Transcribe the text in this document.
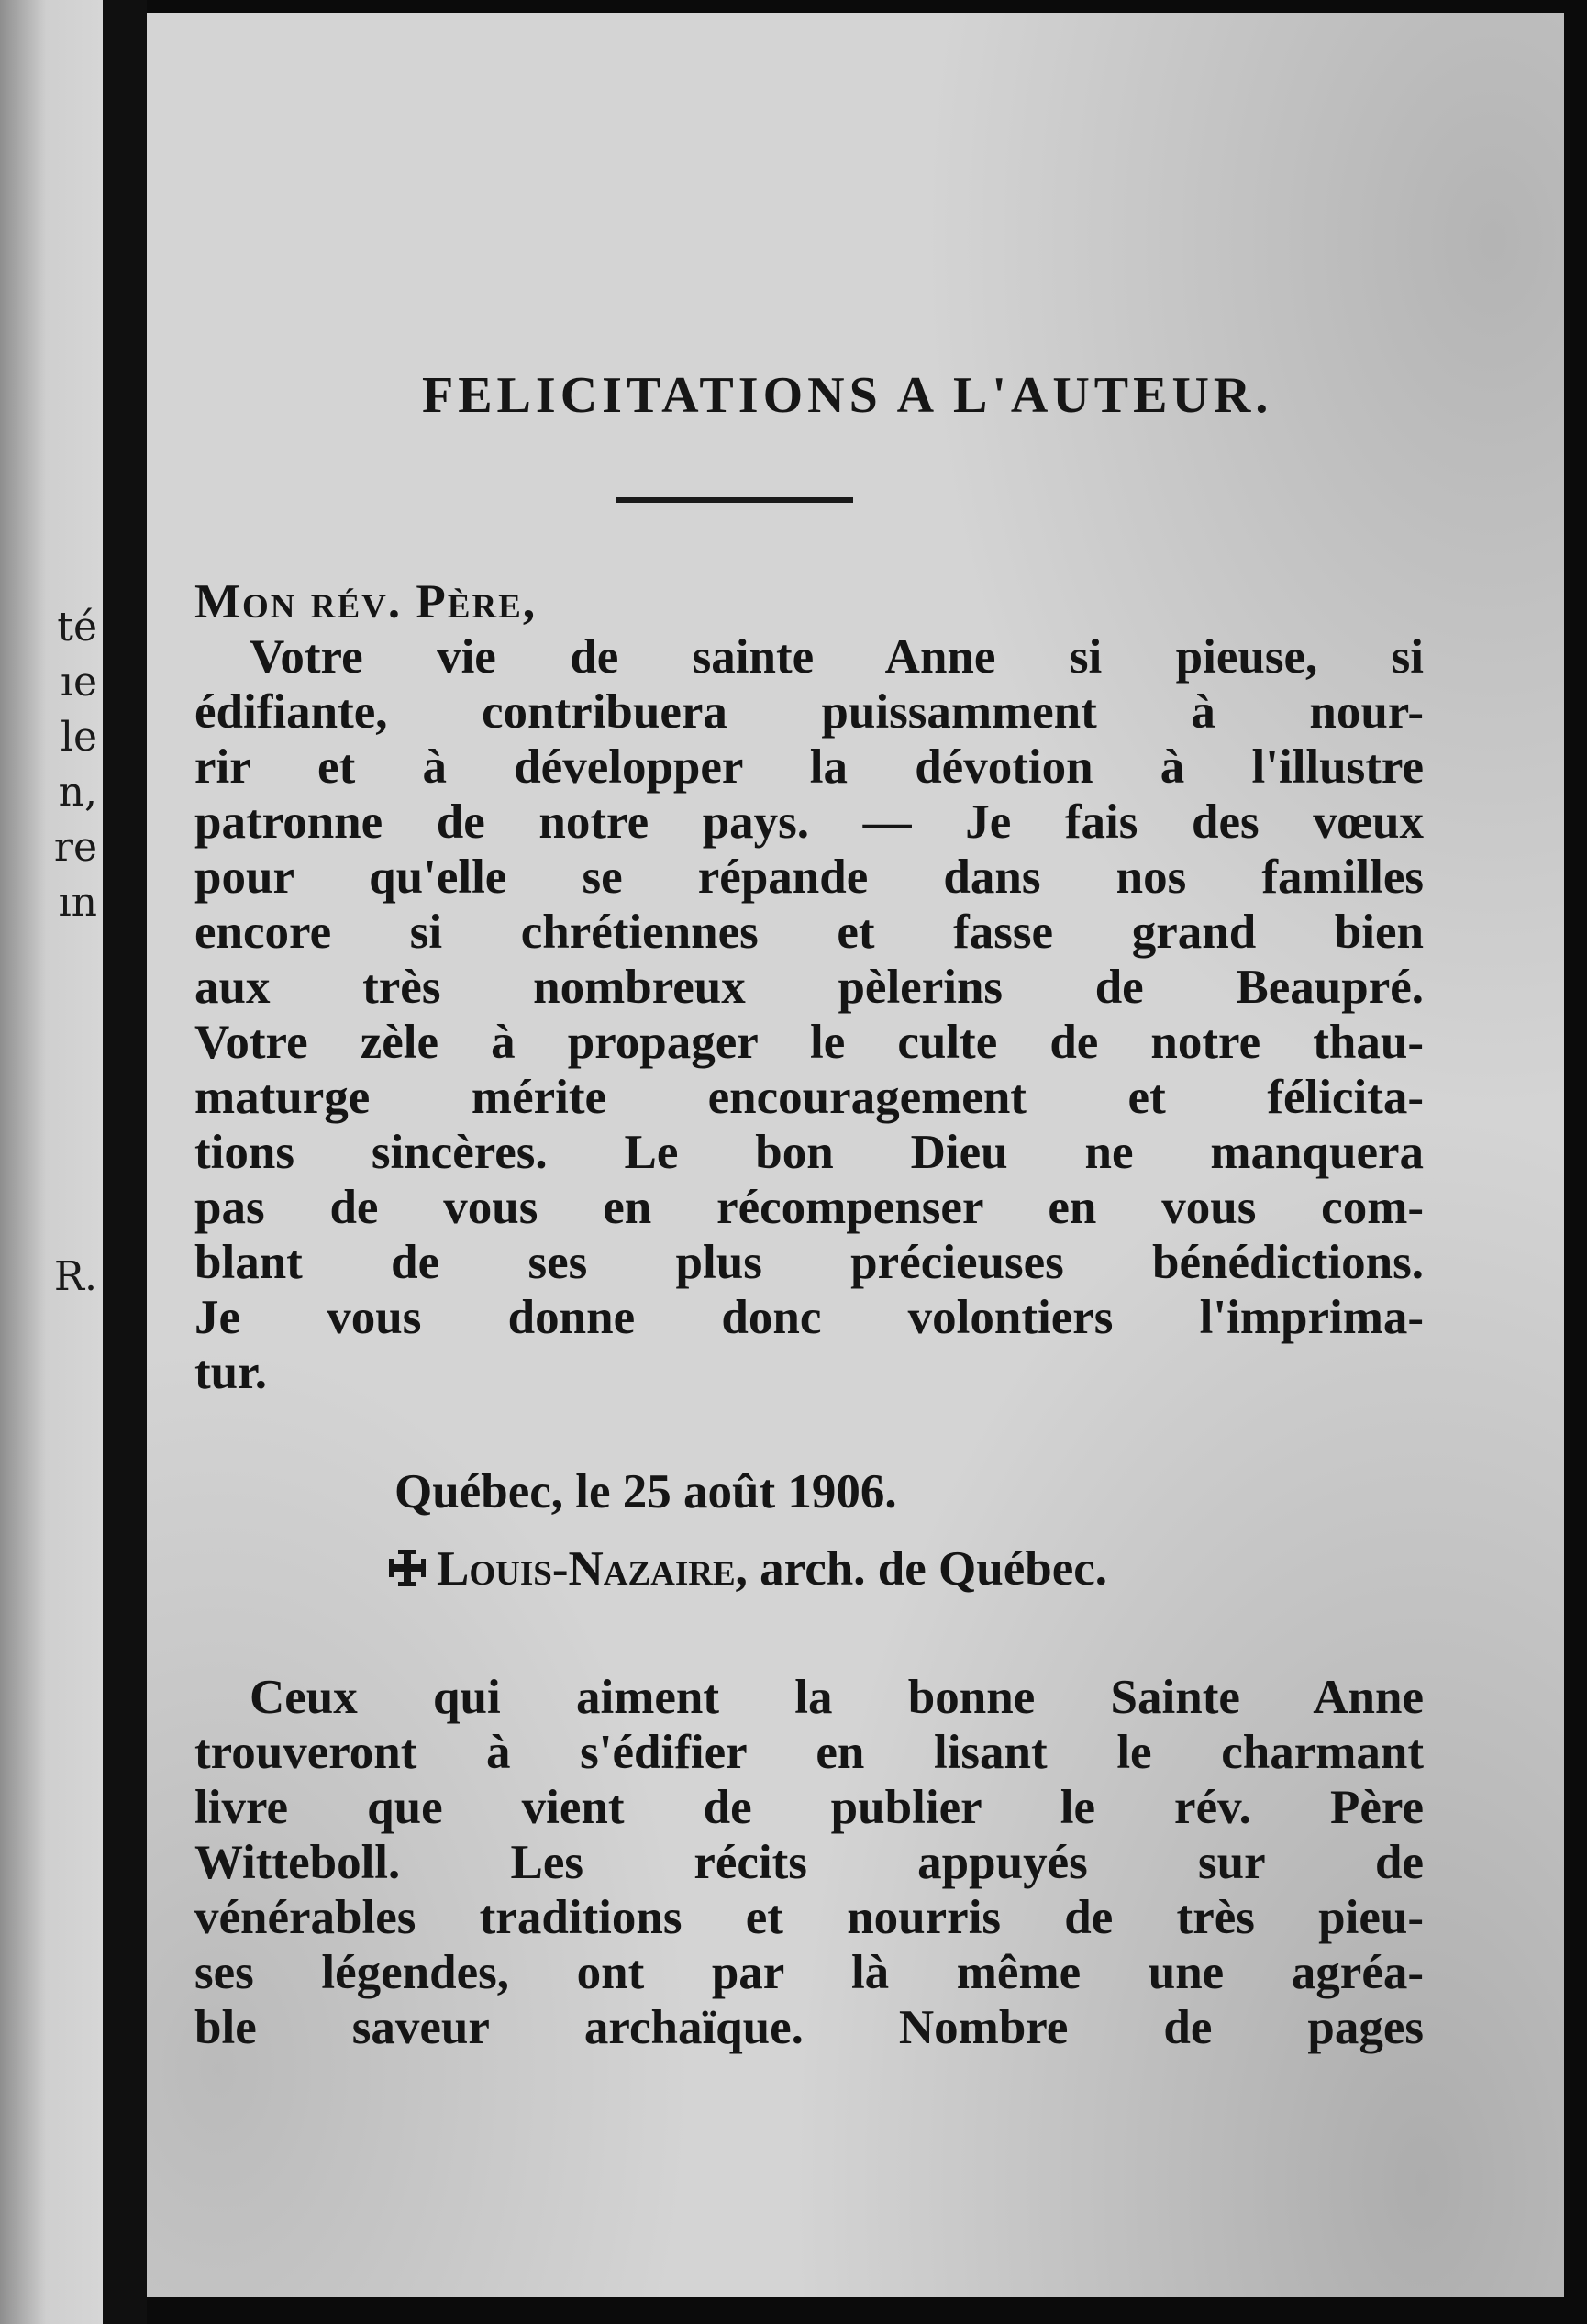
té
ıe
le
n,
re
ın
R.
FELICITATIONS A L'AUTEUR.
Mon rév. Père,
Votre vie de sainte Anne si pieuse, si
édifiante, contribuera puissamment à nour-
rir et à développer la dévotion à l'illustre
patronne de notre pays. — Je fais des vœux
pour qu'elle se répande dans nos familles
encore si chrétiennes et fasse grand bien
aux très nombreux pèlerins de Beaupré.
Votre zèle à propager le culte de notre thau-
maturge mérite encouragement et félicita-
tions sincères. Le bon Dieu ne manquera
pas de vous en récompenser en vous com-
blant de ses plus précieuses bénédictions.
Je vous donne donc volontiers l'imprima-
tur.
Québec, le 25 août 1906.
Louis-Nazaire, arch. de Québec.
Ceux qui aiment la bonne Sainte Anne
trouveront à s'édifier en lisant le charmant
livre que vient de publier le rév. Père
Witteboll. Les récits appuyés sur de
vénérables traditions et nourris de très pieu-
ses légendes, ont par là même une agréa-
ble saveur archaïque. Nombre de pages
